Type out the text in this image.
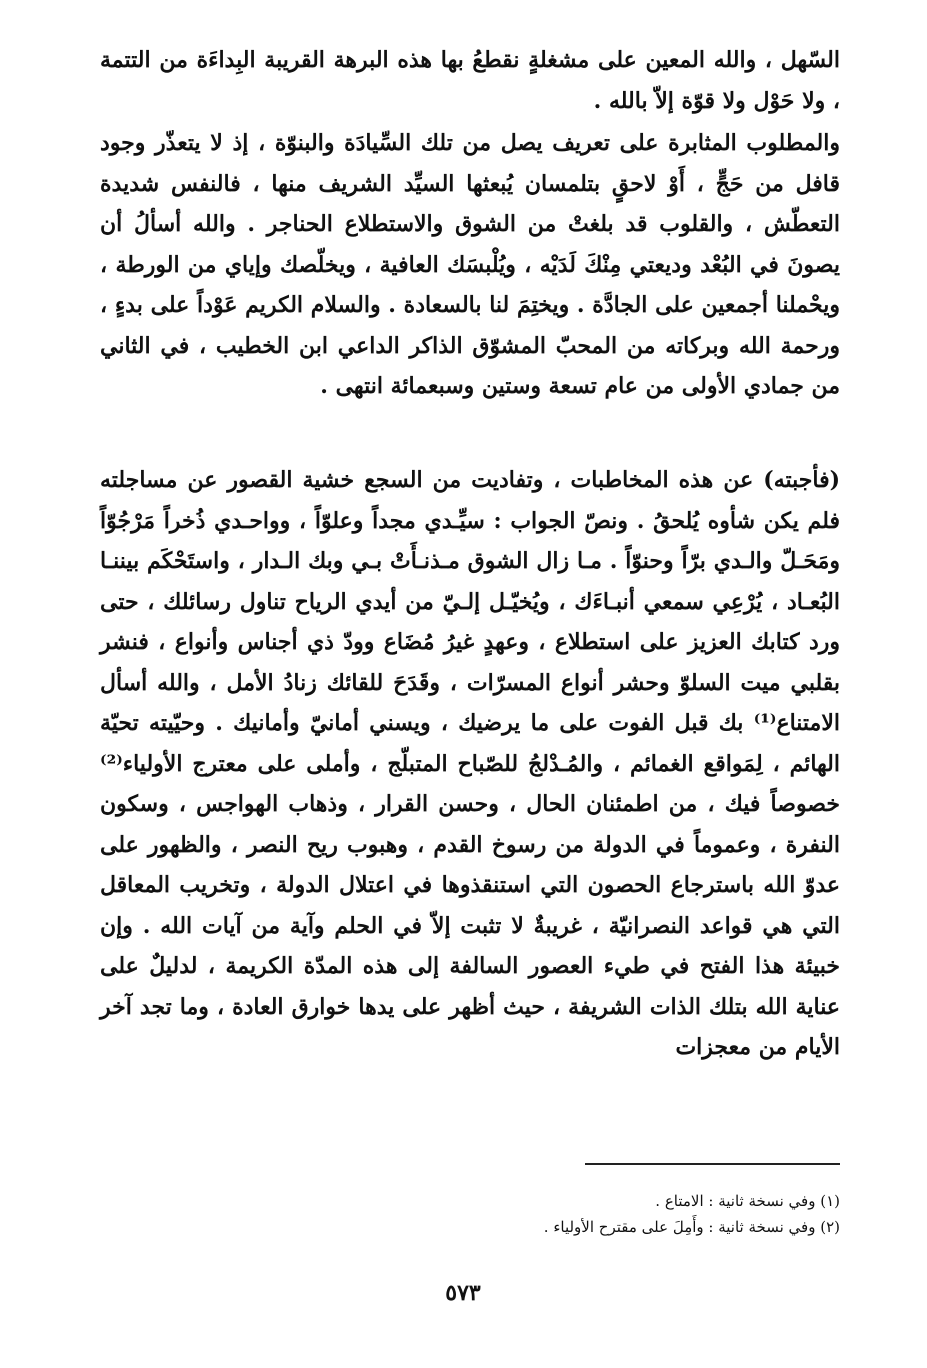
السّهل ، والله المعين على مشغلةٍ نقطعُ بها هذه البرهة القريبة البِداءَة من التتمة ، ولا حَوْل ولا قوّة إلاّ بالله .

والمطلوب المثابرة على تعريف يصل من تلك السِّيادَة والبنوّة ، إذ لا يتعذّر وجود قافل من حَجٍّ ، أَوْ لاحقٍ بتلمسان يُبعثها السيِّد الشريف منها ، فالنفس شديدة التعطّش ، والقلوب قد بلغتْ من الشوق والاستطلاع الحناجر . والله أسألُ أن يصونَ في البُعْد وديعتي مِنْكَ لَدَيْه ، ويُلْبسَك العافية ، ويخلّصك وإياي من الورطة ، ويحْملنا أجمعين على الجادَّة . ويختِمَ لنا بالسعادة . والسلام الكريم عَوْداً على بدءٍ ، ورحمة الله وبركاته من المحبّ المشوّق الذاكر الداعي ابن الخطيب ، في الثاني من جمادي الأولى من عام تسعة وستين وسبعمائة انتهى .

(فأجبته) عن هذه المخاطبات ، وتفاديت من السجع خشية القصور عن مساجلته فلم يكن شأوه يُلحقُ . ونصّ الجواب : سيِّـدي مجداً وعلوّاً ، وواحـدي ذُخراً مَرْجُوّاً ومَحَـلّ والـدي برّاً وحنوّاً . مـا زال الشوق مـذنـأَتْ بـي وبك الـدار ، واستَحْكَم بيننـا البُعـاد ، يُرْعِي سمعي أنبـاءَك ، ويُخيّـل إلـيّ من أيدي الرياح تناول رسائلك ، حتى ورد كتابك العزيز على استطلاع ، وعهدٍ غيرُ مُضَاع وودّ ذي أجناس وأنواع ، فنشر بقلبي ميت السلوّ وحشر أنواع المسرّات ، وقَدَحَ للقائك زنادُ الأمل ، والله أسأل الامتناع⁽¹⁾ بك قبل الفوت على ما يرضيك ، ويسني أمانيّ وأمانيك . وحيّيته تحيّة الهائم ، لِمَواقع الغمائم ، والمُـدْلجُ للصّباح المتبلّج ، وأملى على معترج الأولياء⁽²⁾ خصوصاً فيك ، من اطمئنان الحال ، وحسن القرار ، وذهاب الهواجس ، وسكون النفرة ، وعموماً في الدولة من رسوخ القدم ، وهبوب ريح النصر ، والظهور على عدوّ الله باسترجاع الحصون التي استنقذوها في اعتلال الدولة ، وتخريب المعاقل التي هي قواعد النصرانيّة ، غريبةٌ لا تثبت إلاّ في الحلم وآية من آيات الله . وإن خبيئة هذا الفتح في طيء العصور السالفة إلى هذه المدّة الكريمة ، لدليلٌ على عناية الله بتلك الذات الشريفة ، حيث أظهر على يدها خوارق العادة ، وما تجد آخر الأيام من معجزات

(١) وفي نسخة ثانية : الامتاع .

(٢) وفي نسخة ثانية : وأَمِلَ على مقترح الأولياء .

٥٧٣
